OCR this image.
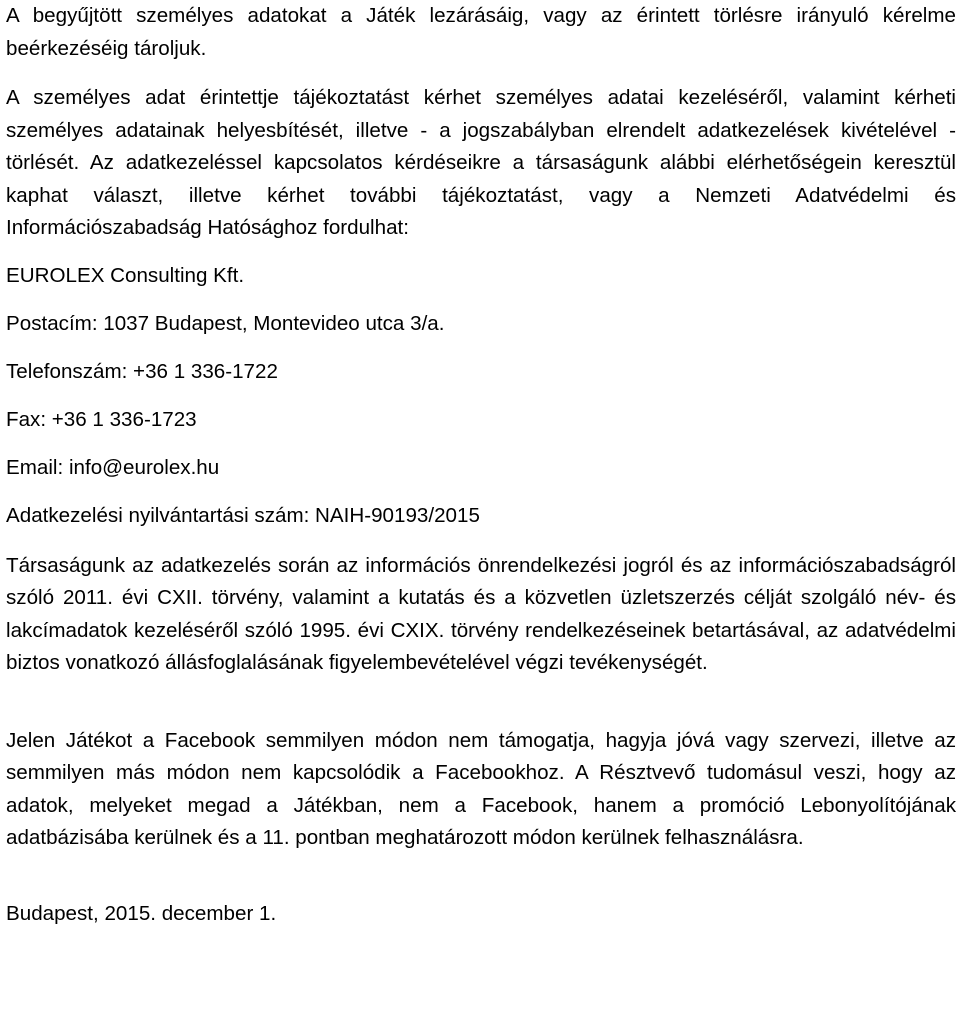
A begyűjtött személyes adatokat a Játék lezárásáig, vagy az érintett törlésre irányuló kérelme beérkezéséig tároljuk.

A személyes adat érintettje tájékoztatást kérhet személyes adatai kezeléséről, valamint kérheti személyes adatainak helyesbítését, illetve - a jogszabályban elrendelt adatkezelések kivételével - törlését. Az adatkezeléssel kapcsolatos kérdéseikre a társaságunk alábbi elérhetőségein keresztül kaphat választ, illetve kérhet további tájékoztatást, vagy a Nemzeti Adatvédelmi és Információszabadság Hatósághoz fordulhat:

EUROLEX Consulting Kft.

Postacím: 1037 Budapest, Montevideo utca 3/a.

Telefonszám: +36 1 336-1722

Fax: +36 1 336-1723

Email: info@eurolex.hu

Adatkezelési nyilvántartási szám: NAIH-90193/2015

Társaságunk az adatkezelés során az információs önrendelkezési jogról és az információszabadságról szóló 2011. évi CXII. törvény, valamint a kutatás és a közvetlen üzletszerzés célját szolgáló név- és lakcímadatok kezeléséről szóló 1995. évi CXIX. törvény rendelkezéseinek betartásával, az adatvédelmi biztos vonatkozó állásfoglalásának figyelembevételével végzi tevékenységét.

Jelen Játékot a Facebook semmilyen módon nem támogatja, hagyja jóvá vagy szervezi, illetve az semmilyen más módon nem kapcsolódik a Facebookhoz. A Résztvevő tudomásul veszi, hogy az adatok, melyeket megad a Játékban, nem a Facebook, hanem a promóció Lebonyolítójának adatbázisába kerülnek és a 11. pontban meghatározott módon kerülnek felhasználásra.

Budapest, 2015. december 1.
